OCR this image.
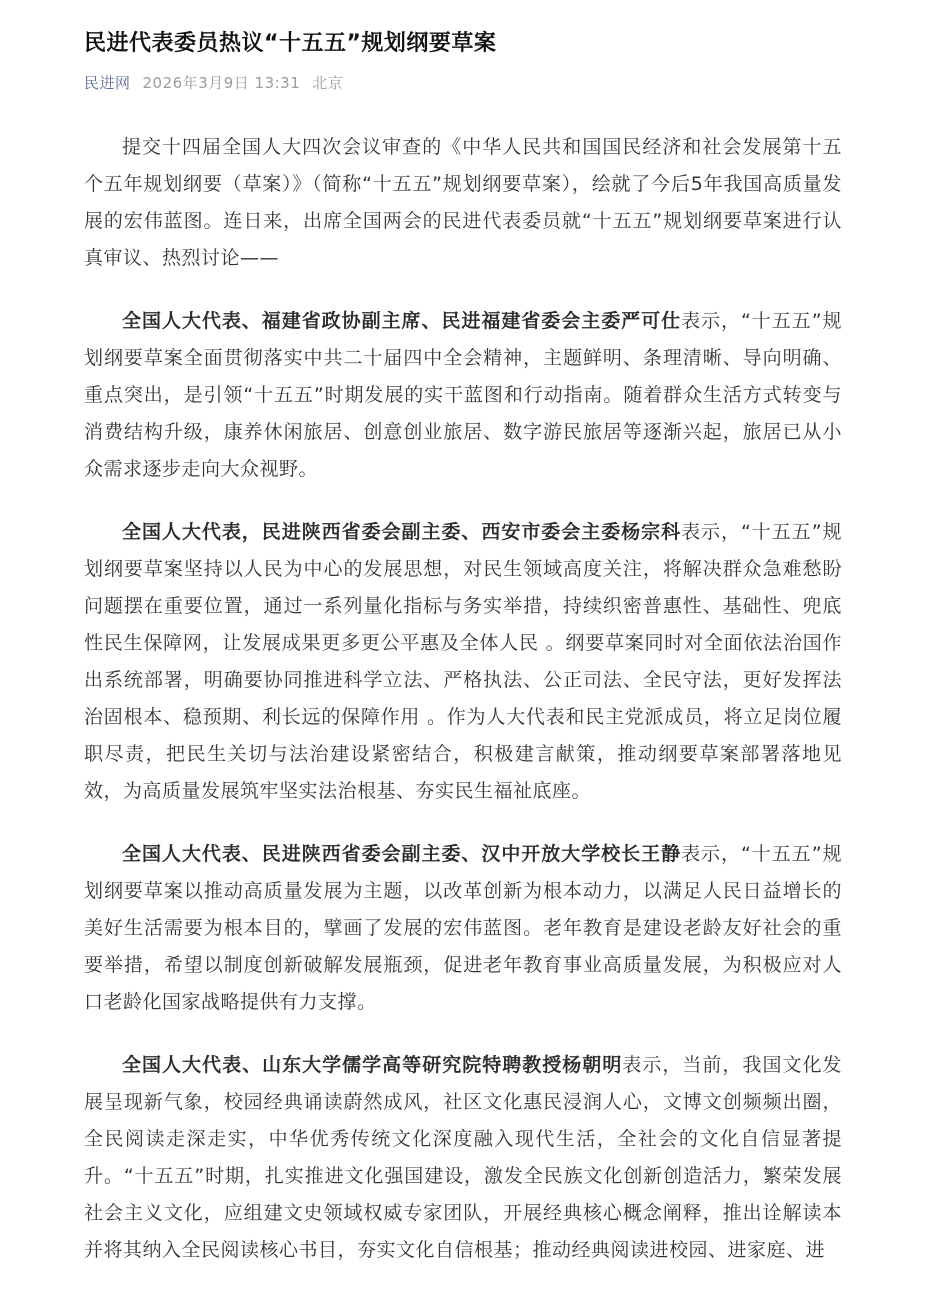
民进代表委员热议“十五五”规划纲要草案
民进网 2026年3月9日 13:31 北京

提交十四届全国人大四次会议审查的《中华人民共和国国民经济和社会发展第十五个五年规划纲要（草案）》（简称“十五五”规划纲要草案），绘就了今后5年我国高质量发展的宏伟蓝图。连日来，出席全国两会的民进代表委员就“十五五”规划纲要草案进行认真审议、热烈讨论——

全国人大代表、福建省政协副主席、民进福建省委会主委严可仕表示，“十五五”规划纲要草案全面贯彻落实中共二十届四中全会精神，主题鲜明、条理清晰、导向明确、重点突出，是引领“十五五”时期发展的实干蓝图和行动指南。随着群众生活方式转变与消费结构升级，康养休闲旅居、创意创业旅居、数字游民旅居等逐渐兴起，旅居已从小众需求逐步走向大众视野。

全国人大代表，民进陕西省委会副主委、西安市委会主委杨宗科表示，“十五五”规划纲要草案坚持以人民为中心的发展思想，对民生领域高度关注，将解决群众急难愁盼问题摆在重要位置，通过一系列量化指标与务实举措，持续织密普惠性、基础性、兜底性民生保障网，让发展成果更多更公平惠及全体人民 。纲要草案同时对全面依法治国作出系统部署，明确要协同推进科学立法、严格执法、公正司法、全民守法，更好发挥法治固根本、稳预期、利长远的保障作用 。作为人大代表和民主党派成员，将立足岗位履职尽责，把民生关切与法治建设紧密结合，积极建言献策，推动纲要草案部署落地见效，为高质量发展筑牢坚实法治根基、夯实民生福祉底座。

全国人大代表、民进陕西省委会副主委、汉中开放大学校长王静表示，“十五五”规划纲要草案以推动高质量发展为主题，以改革创新为根本动力，以满足人民日益增长的美好生活需要为根本目的，擘画了发展的宏伟蓝图。老年教育是建设老龄友好社会的重要举措，希望以制度创新破解发展瓶颈，促进老年教育事业高质量发展，为积极应对人口老龄化国家战略提供有力支撑。

全国人大代表、山东大学儒学高等研究院特聘教授杨朝明表示，当前，我国文化发展呈现新气象，校园经典诵读蔚然成风，社区文化惠民浸润人心，文博文创频频出圈，全民阅读走深走实，中华优秀传统文化深度融入现代生活，全社会的文化自信显著提升。“十五五”时期，扎实推进文化强国建设，激发全民族文化创新创造活力，繁荣发展社会主义文化，应组建文史领域权威专家团队，开展经典核心概念阐释，推出诠解读本并将其纳入全民阅读核心书目，夯实文化自信根基；推动经典阅读进校园、进家庭、进
